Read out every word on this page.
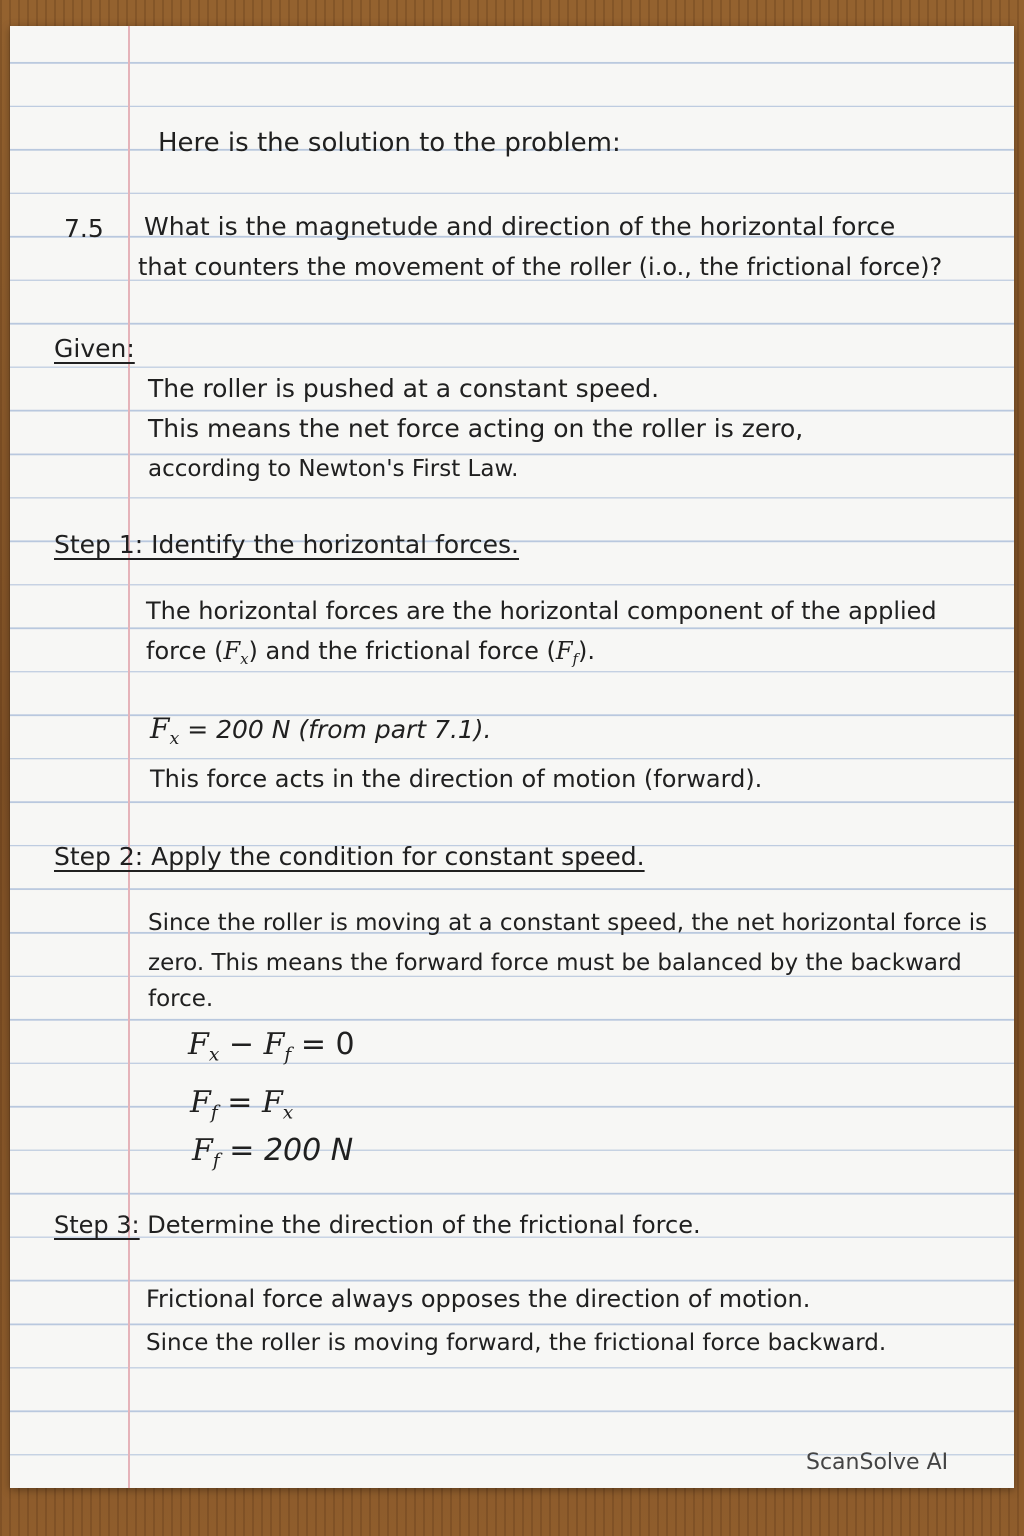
Here is the solution to the problem:

7.5 What is the magnetude and direction of the horizontal force

that counters the movement of the roller (i.o., the frictional force)?

Given:

The roller is pushed at a constant speed.

This means the net force acting on the roller is zero,

according to Newton's First Law.

Step 1: Identify the horizontal forces.

The horizontal forces are the horizontal component of the applied

force $(F_x)$ and the frictional force $(F_f)$.

$F_x = 200$ N (from part 7.1).

This force acts in the direction of motion (forward).

Step 2: Apply the condition for constant speed.

Since the roller is moving at a constant speed, the net horizontal force is

zero. This means the forward force must be balanced by the backward

force.

$F_x - F_f = 0$

$F_f = F_x$

$F_f = 200$ N

Step 3: Determine the direction of the frictional force.

Frictional force always opposes the direction of motion.

Since the roller is moving forward, the frictional force backward.

ScanSolve AI
